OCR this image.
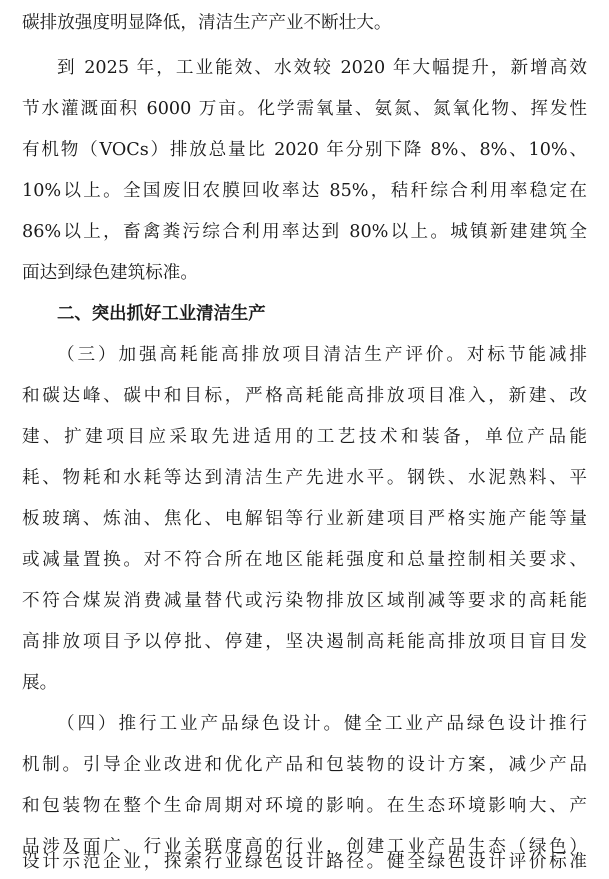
碳排放强度明显降低，清洁生产产业不断壮大。
到 2025 年，工业能效、水效较 2020 年大幅提升，新增高效
节水灌溉面积 6000 万亩。化学需氧量、氨氮、氮氧化物、挥发性
有机物（VOCs）排放总量比 2020 年分别下降 8%、8%、10%、
10%以上。全国废旧农膜回收率达 85%，秸秆综合利用率稳定在
86%以上，畜禽粪污综合利用率达到 80%以上。城镇新建建筑全
面达到绿色建筑标准。
二、突出抓好工业清洁生产
（三）加强高耗能高排放项目清洁生产评价。对标节能减排
和碳达峰、碳中和目标，严格高耗能高排放项目准入，新建、改
建、扩建项目应采取先进适用的工艺技术和装备，单位产品能
耗、物耗和水耗等达到清洁生产先进水平。钢铁、水泥熟料、平
板玻璃、炼油、焦化、电解铝等行业新建项目严格实施产能等量
或减量置换。对不符合所在地区能耗强度和总量控制相关要求、
不符合煤炭消费减量替代或污染物排放区域削减等要求的高耗能
高排放项目予以停批、停建，坚决遏制高耗能高排放项目盲目发
展。
（四）推行工业产品绿色设计。健全工业产品绿色设计推行
机制。引导企业改进和优化产品和包装物的设计方案，减少产品
和包装物在整个生命周期对环境的影响。在生态环境影响大、产
品涉及面广、行业关联度高的行业，创建工业产品生态（绿色）
设计示范企业，探索行业绿色设计路径。健全绿色设计评价标准
